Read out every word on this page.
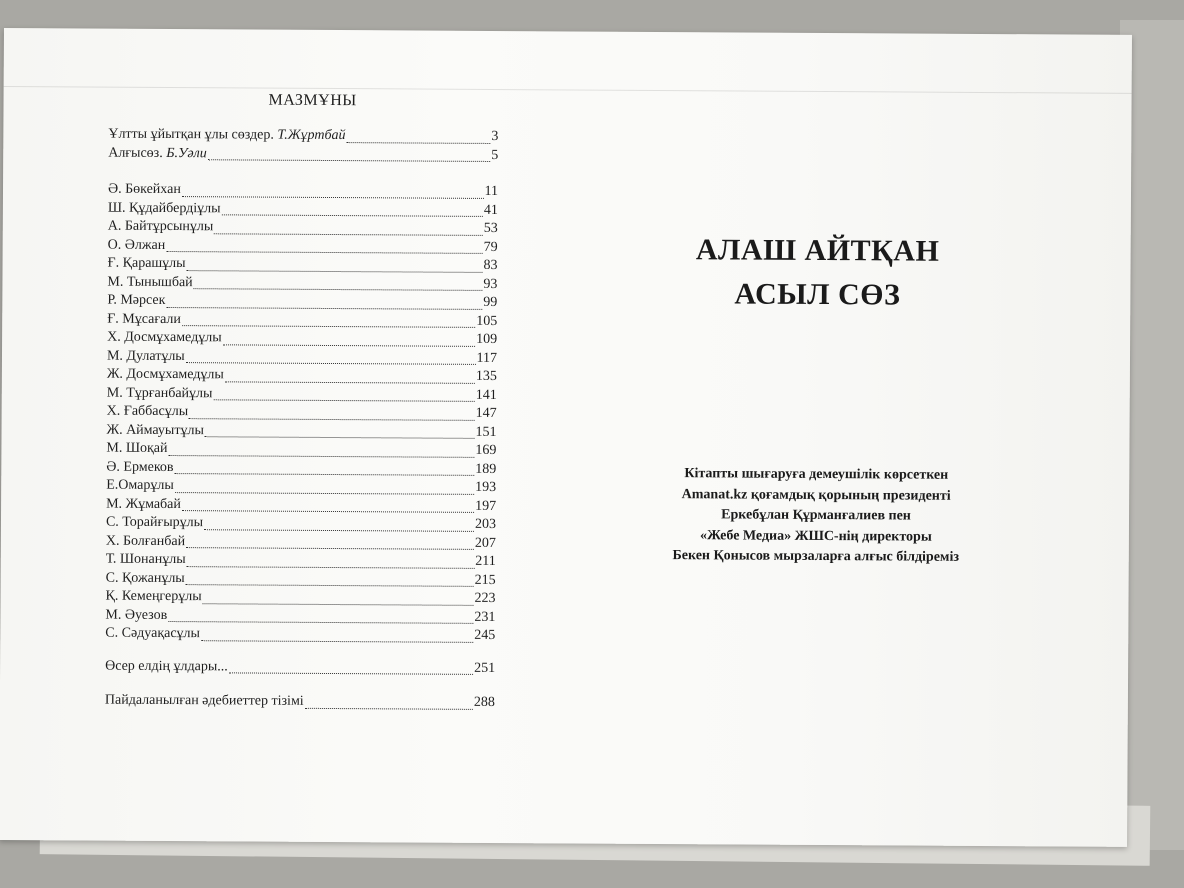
МАЗМҰНЫ
Ұлтты ұйытқан ұлы сөздер. Т.Жұртбай	3
Алғысөз. Б.Уәли	5
Ә. Бөкейхан	11
Ш. Құдайбердіұлы	41
А. Байтұрсынұлы	53
О. Әлжан	79
Ғ. Қарашұлы	83
М. Тынышбай	93
Р. Мәрсек	99
Ғ. Мұсағали	105
Х. Досмұхамедұлы	109
М. Дулатұлы	117
Ж. Досмұхамедұлы	135
М. Тұрғанбайұлы	141
Х. Ғаббасұлы	147
Ж. Аймауытұлы	151
М. Шоқай	169
Ә. Ермеков	189
Е.Омарұлы	193
М. Жұмабай	197
С. Торайғырұлы	203
Х. Болғанбай	207
Т. Шонанұлы	211
С. Қожанұлы	215
Қ. Кемеңгерұлы	223
М. Әуезов	231
С. Сәдуақасұлы	245
Өсер елдің ұлдары...	251
Пайдаланылған әдебиеттер тізімі	288
АЛАШ АЙТҚАН
АСЫЛ СӨЗ
Кітапты шығаруға демеушілік көрсеткен
Amanat.kz қоғамдық қорының президенті
Еркебұлан Құрманғалиев пен
«Жебе Медиа» ЖШС-нің директоры
Бекен Қонысов мырзаларға алғыс білдіреміз
